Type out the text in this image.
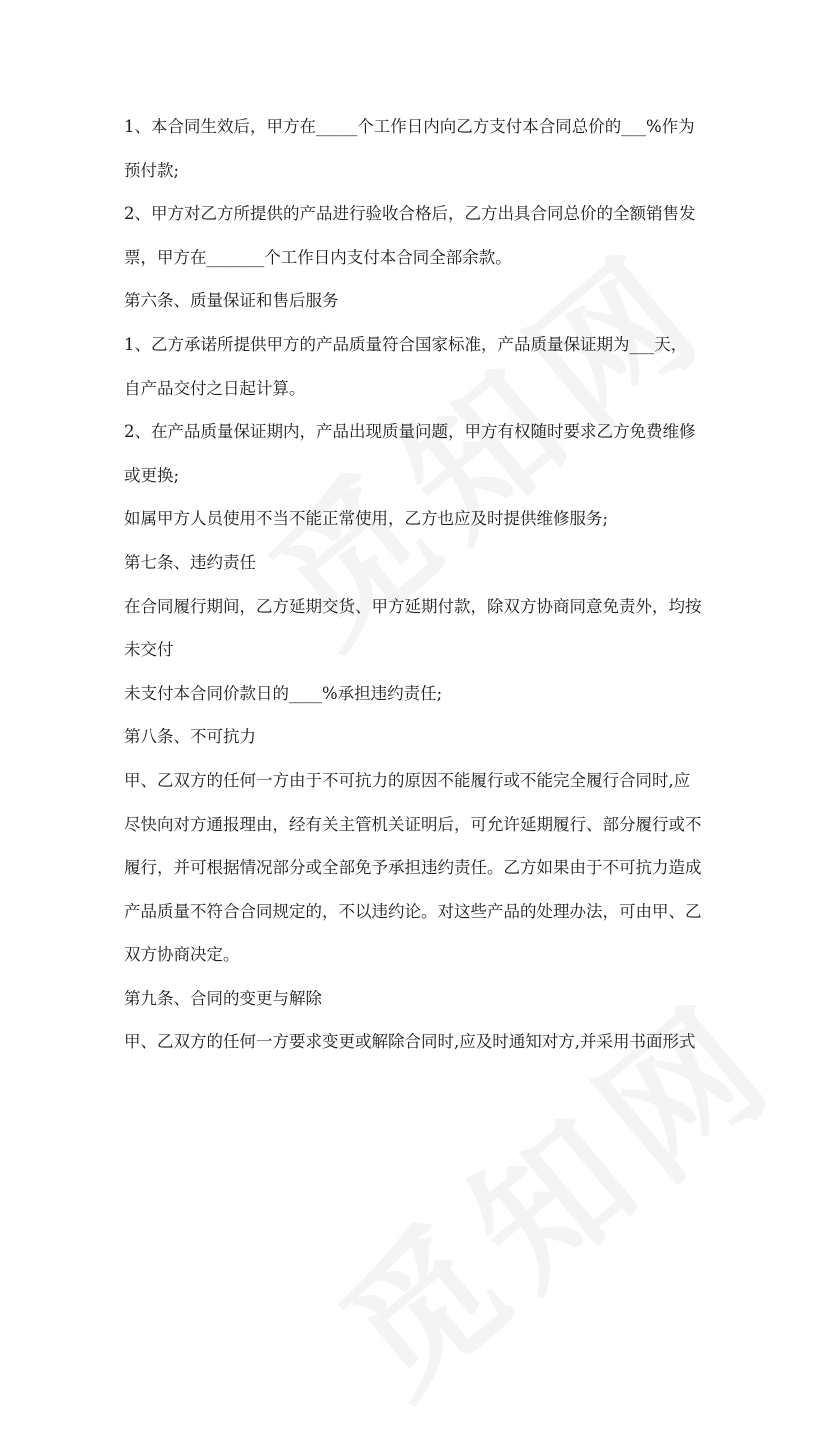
1、本合同生效后，甲方在_____个工作日内向乙方支付本合同总价的___%作为
预付款;
2、甲方对乙方所提供的产品进行验收合格后，乙方出具合同总价的全额销售发
票，甲方在_______个工作日内支付本合同全部余款。
第六条、质量保证和售后服务
1、乙方承诺所提供甲方的产品质量符合国家标准，产品质量保证期为___天，
自产品交付之日起计算。
2、在产品质量保证期内，产品出现质量问题，甲方有权随时要求乙方免费维修
或更换;
如属甲方人员使用不当不能正常使用，乙方也应及时提供维修服务;
第七条、违约责任
在合同履行期间，乙方延期交货、甲方延期付款，除双方协商同意免责外，均按
未交付
未支付本合同价款日的____%承担违约责任;
第八条、不可抗力
甲、乙双方的任何一方由于不可抗力的原因不能履行或不能完全履行合同时,应
尽快向对方通报理由，经有关主管机关证明后，可允许延期履行、部分履行或不
履行，并可根据情况部分或全部免予承担违约责任。乙方如果由于不可抗力造成
产品质量不符合合同规定的，不以违约论。对这些产品的处理办法，可由甲、乙
双方协商决定。
第九条、合同的变更与解除
甲、乙双方的任何一方要求变更或解除合同时,应及时通知对方,并采用书面形式
